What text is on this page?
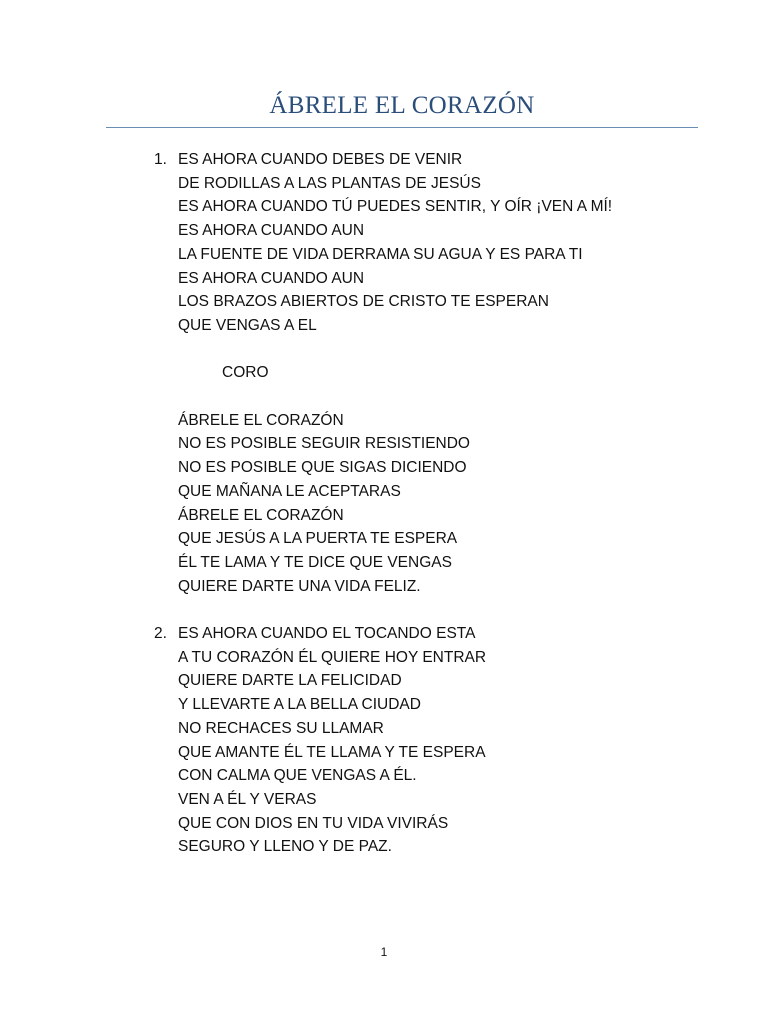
ÁBRELE EL CORAZÓN
1. ES AHORA CUANDO DEBES DE VENIR
DE RODILLAS A LAS PLANTAS DE JESÚS
ES AHORA CUANDO TÚ PUEDES SENTIR, Y OÍR ¡VEN A MÍ!
ES AHORA CUANDO AUN
LA FUENTE DE VIDA DERRAMA SU AGUA Y ES PARA TI
ES AHORA CUANDO AUN
LOS BRAZOS ABIERTOS DE CRISTO TE ESPERAN
QUE VENGAS A EL
CORO
ÁBRELE EL CORAZÓN
NO ES POSIBLE SEGUIR RESISTIENDO
NO ES POSIBLE QUE SIGAS DICIENDO
QUE MAÑANA LE ACEPTARAS
ÁBRELE EL CORAZÓN
QUE JESÚS A LA PUERTA TE ESPERA
ÉL TE LAMA Y TE DICE QUE VENGAS
QUIERE DARTE UNA VIDA FELIZ.
2. ES AHORA CUANDO EL TOCANDO ESTA
A TU CORAZÓN ÉL QUIERE HOY ENTRAR
QUIERE DARTE LA FELICIDAD
Y LLEVARTE A LA BELLA CIUDAD
NO RECHACES SU LLAMAR
QUE AMANTE ÉL TE LLAMA Y TE ESPERA
CON CALMA QUE VENGAS A ÉL.
VEN A ÉL Y VERAS
QUE CON DIOS EN TU VIDA VIVIRÁS
SEGURO Y LLENO Y DE PAZ.
1
